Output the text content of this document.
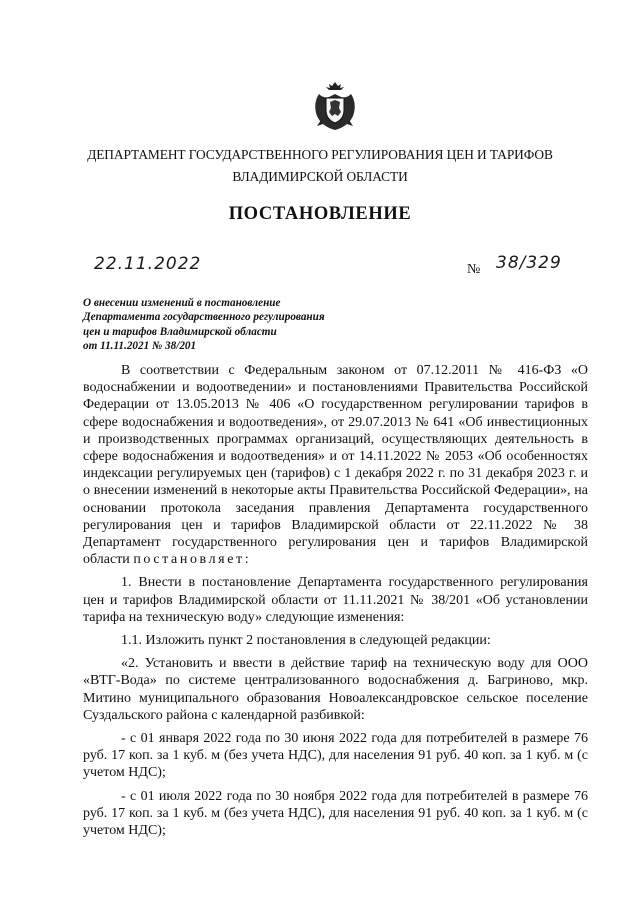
ДЕПАРТАМЕНТ ГОСУДАРСТВЕННОГО РЕГУЛИРОВАНИЯ ЦЕН И ТАРИФОВ
ВЛАДИМИРСКОЙ ОБЛАСТИ
ПОСТАНОВЛЕНИЕ
22.11.2022	№ 38/329
О внесении изменений в постановление
Департамента государственного регулирования
цен и тарифов Владимирской области
от 11.11.2021 № 38/201

В соответствии с Федеральным законом от 07.12.2011 № 416-ФЗ «О водоснабжении и водоотведении» и постановлениями Правительства Российской Федерации от 13.05.2013 № 406 «О государственном регулировании тарифов в сфере водоснабжения и водоотведения», от 29.07.2013 № 641 «Об инвестиционных и производственных программах организаций, осуществляющих деятельность в сфере водоснабжения и водоотведения» и от 14.11.2022 № 2053 «Об особенностях индексации регулируемых цен (тарифов) с 1 декабря 2022 г. по 31 декабря 2023 г. и о внесении изменений в некоторые акты Правительства Российской Федерации», на основании протокола заседания правления Департамента государственного регулирования цен и тарифов Владимирской области от 22.11.2022 № 38 Департамент государственного регулирования цен и тарифов Владимирской области постановляет:

1. Внести в постановление Департамента государственного регулирования цен и тарифов Владимирской области от 11.11.2021 № 38/201 «Об установлении тарифа на техническую воду» следующие изменения:

1.1. Изложить пункт 2 постановления в следующей редакции:

«2. Установить и ввести в действие тариф на техническую воду для ООО «ВТГ-Вода» по системе централизованного водоснабжения д. Багриново, мкр. Митино муниципального образования Новоалександровское сельское поселение Суздальского района с календарной разбивкой:

- с 01 января 2022 года по 30 июня 2022 года для потребителей в размере 76 руб. 17 коп. за 1 куб. м (без учета НДС), для населения 91 руб. 40 коп. за 1 куб. м (с учетом НДС);

- с 01 июля 2022 года по 30 ноября 2022 года для потребителей в размере 76 руб. 17 коп. за 1 куб. м (без учета НДС), для населения 91 руб. 40 коп. за 1 куб. м (с учетом НДС);
